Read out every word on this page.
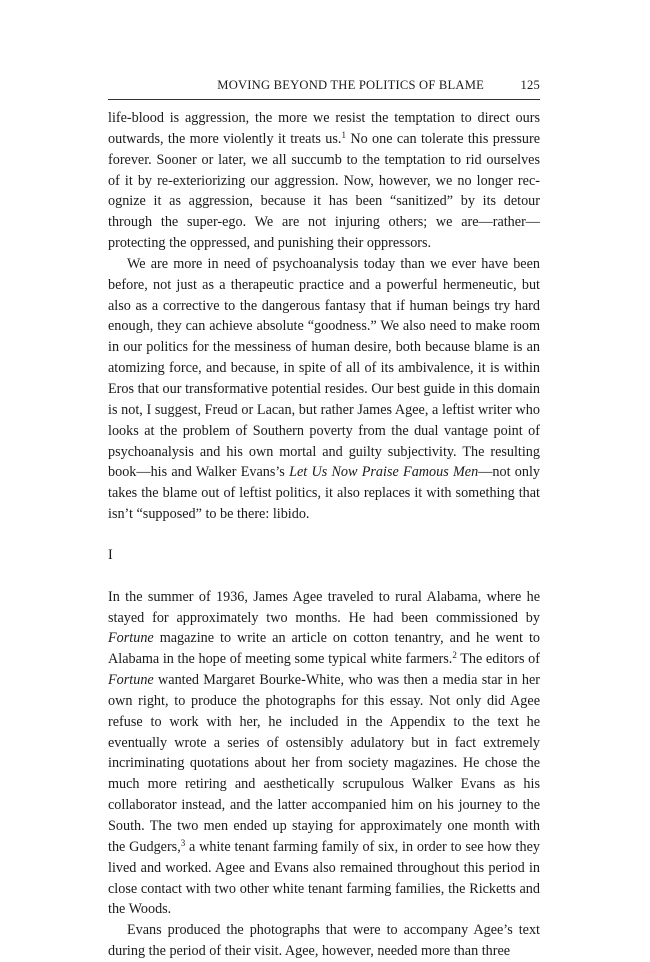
MOVING BEYOND THE POLITICS OF BLAME	125

life-blood is aggression, the more we resist the temptation to direct ours outwards, the more violently it treats us.$^1$ No one can tolerate this pressure forever. Sooner or later, we all succumb to the temptation to rid ourselves of it by re-exteriorizing our aggression. Now, however, we no longer recognize it as aggression, because it has been “sanitized” by its detour through the super-ego. We are not injuring others; we are—rather—protecting the oppressed, and punishing their oppressors.

We are more in need of psychoanalysis today than we ever have been before, not just as a therapeutic practice and a powerful hermeneutic, but also as a corrective to the dangerous fantasy that if human beings try hard enough, they can achieve absolute “goodness.” We also need to make room in our politics for the messiness of human desire, both because blame is an atomizing force, and because, in spite of all of its ambivalence, it is within Eros that our transformative potential resides. Our best guide in this domain is not, I suggest, Freud or Lacan, but rather James Agee, a leftist writer who looks at the problem of Southern poverty from the dual vantage point of psychoanalysis and his own mortal and guilty subjectivity. The resulting book—his and Walker Evans’s Let Us Now Praise Famous Men—not only takes the blame out of leftist politics, it also replaces it with something that isn’t “supposed” to be there: libido.

I

In the summer of 1936, James Agee traveled to rural Alabama, where he stayed for approximately two months. He had been commissioned by Fortune magazine to write an article on cotton tenantry, and he went to Alabama in the hope of meeting some typical white farmers.$^2$ The editors of Fortune wanted Margaret Bourke-White, who was then a media star in her own right, to produce the photographs for this essay. Not only did Agee refuse to work with her, he included in the Appendix to the text he eventually wrote a series of ostensibly adulatory but in fact extremely incriminating quotations about her from society magazines. He chose the much more retiring and aesthetically scrupulous Walker Evans as his collaborator instead, and the latter accompanied him on his journey to the South. The two men ended up staying for approximately one month with the Gudgers,$^3$ a white tenant farming family of six, in order to see how they lived and worked. Agee and Evans also remained throughout this period in close contact with two other white tenant farming families, the Ricketts and the Woods.

Evans produced the photographs that were to accompany Agee’s text during the period of their visit. Agee, however, needed more than three
